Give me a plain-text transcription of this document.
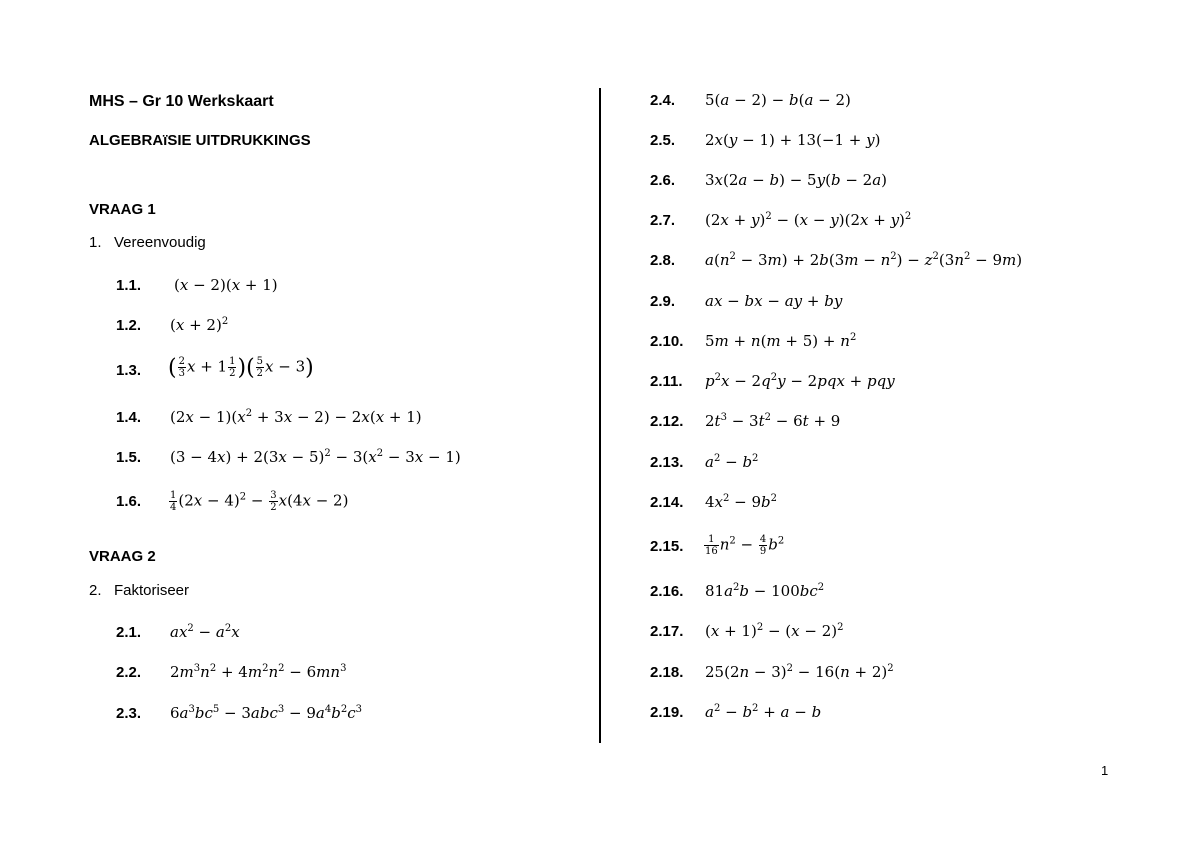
MHS – Gr 10 Werkskaart
ALGEBRAïSIE UITDRUKKINGS
VRAAG 1
1. Vereenvoudig
1.1. (x − 2)(x + 1)
1.2. $(x + 2)^2$
1.3. ( $\frac{2}{3}$ $x + 1 \frac{1}{2}$ )( $\frac{5}{2}$ x − 3)
1.4. $(2x - 1)(x^2 + 3x - 2) - 2x(x + 1)$
1.5. $(3 - 4x) + 2(3x - 5)^2 - 3(x^2 - 3x - 1)$
1.6.	$\frac{1}{4} (2x - 4)^2 - \frac{3}{2} x(4x - 2)$
VRAAG 2
2. Faktoriseer
2.1. $ax^2 - a^2x$
2.2. $2m^3n^2 + 4m^2n^2 - 6mn^3$
2.3. $6a^3bc^5 - 3abc^3 - 9a^4b^2c^3$
2.4. 5(a − 2) − b(a − 2)
2.5. 2x(y − 1) + 13(−1 + y)
2.6. 3x(2a − b) − 5y(b − 2a)
2.7. $(2x + y)^2 - (x - y)(2x + y)^2$
2.8. $a(n^2 - 3m) + 2b(3m - n^2) - z^2(3n^2 - 9m)$
2.9. ax − bx − ay + by
2.10. $5m + n(m + 5) + n^2$
2.11. $p^2x - 2q^2y - 2pqx$ + pqy
2.12. $2t^3 - 3t^2 - 6t + 9$
2.13. $a^2 - b^2$
2.14. $4x^2 - 9b^2$
2.15. $\frac{1}{16} n^2 - \frac{4}{9} b^2$
2.16. $81a^2b - 100bc^2$
2.17. $(x + 1)^2 - (x - 2)^2$
2.18. $25(2n - 3)^2 - 16(n + 2)^2$
2.19. $a^2 - b^2 + a - b$
1
